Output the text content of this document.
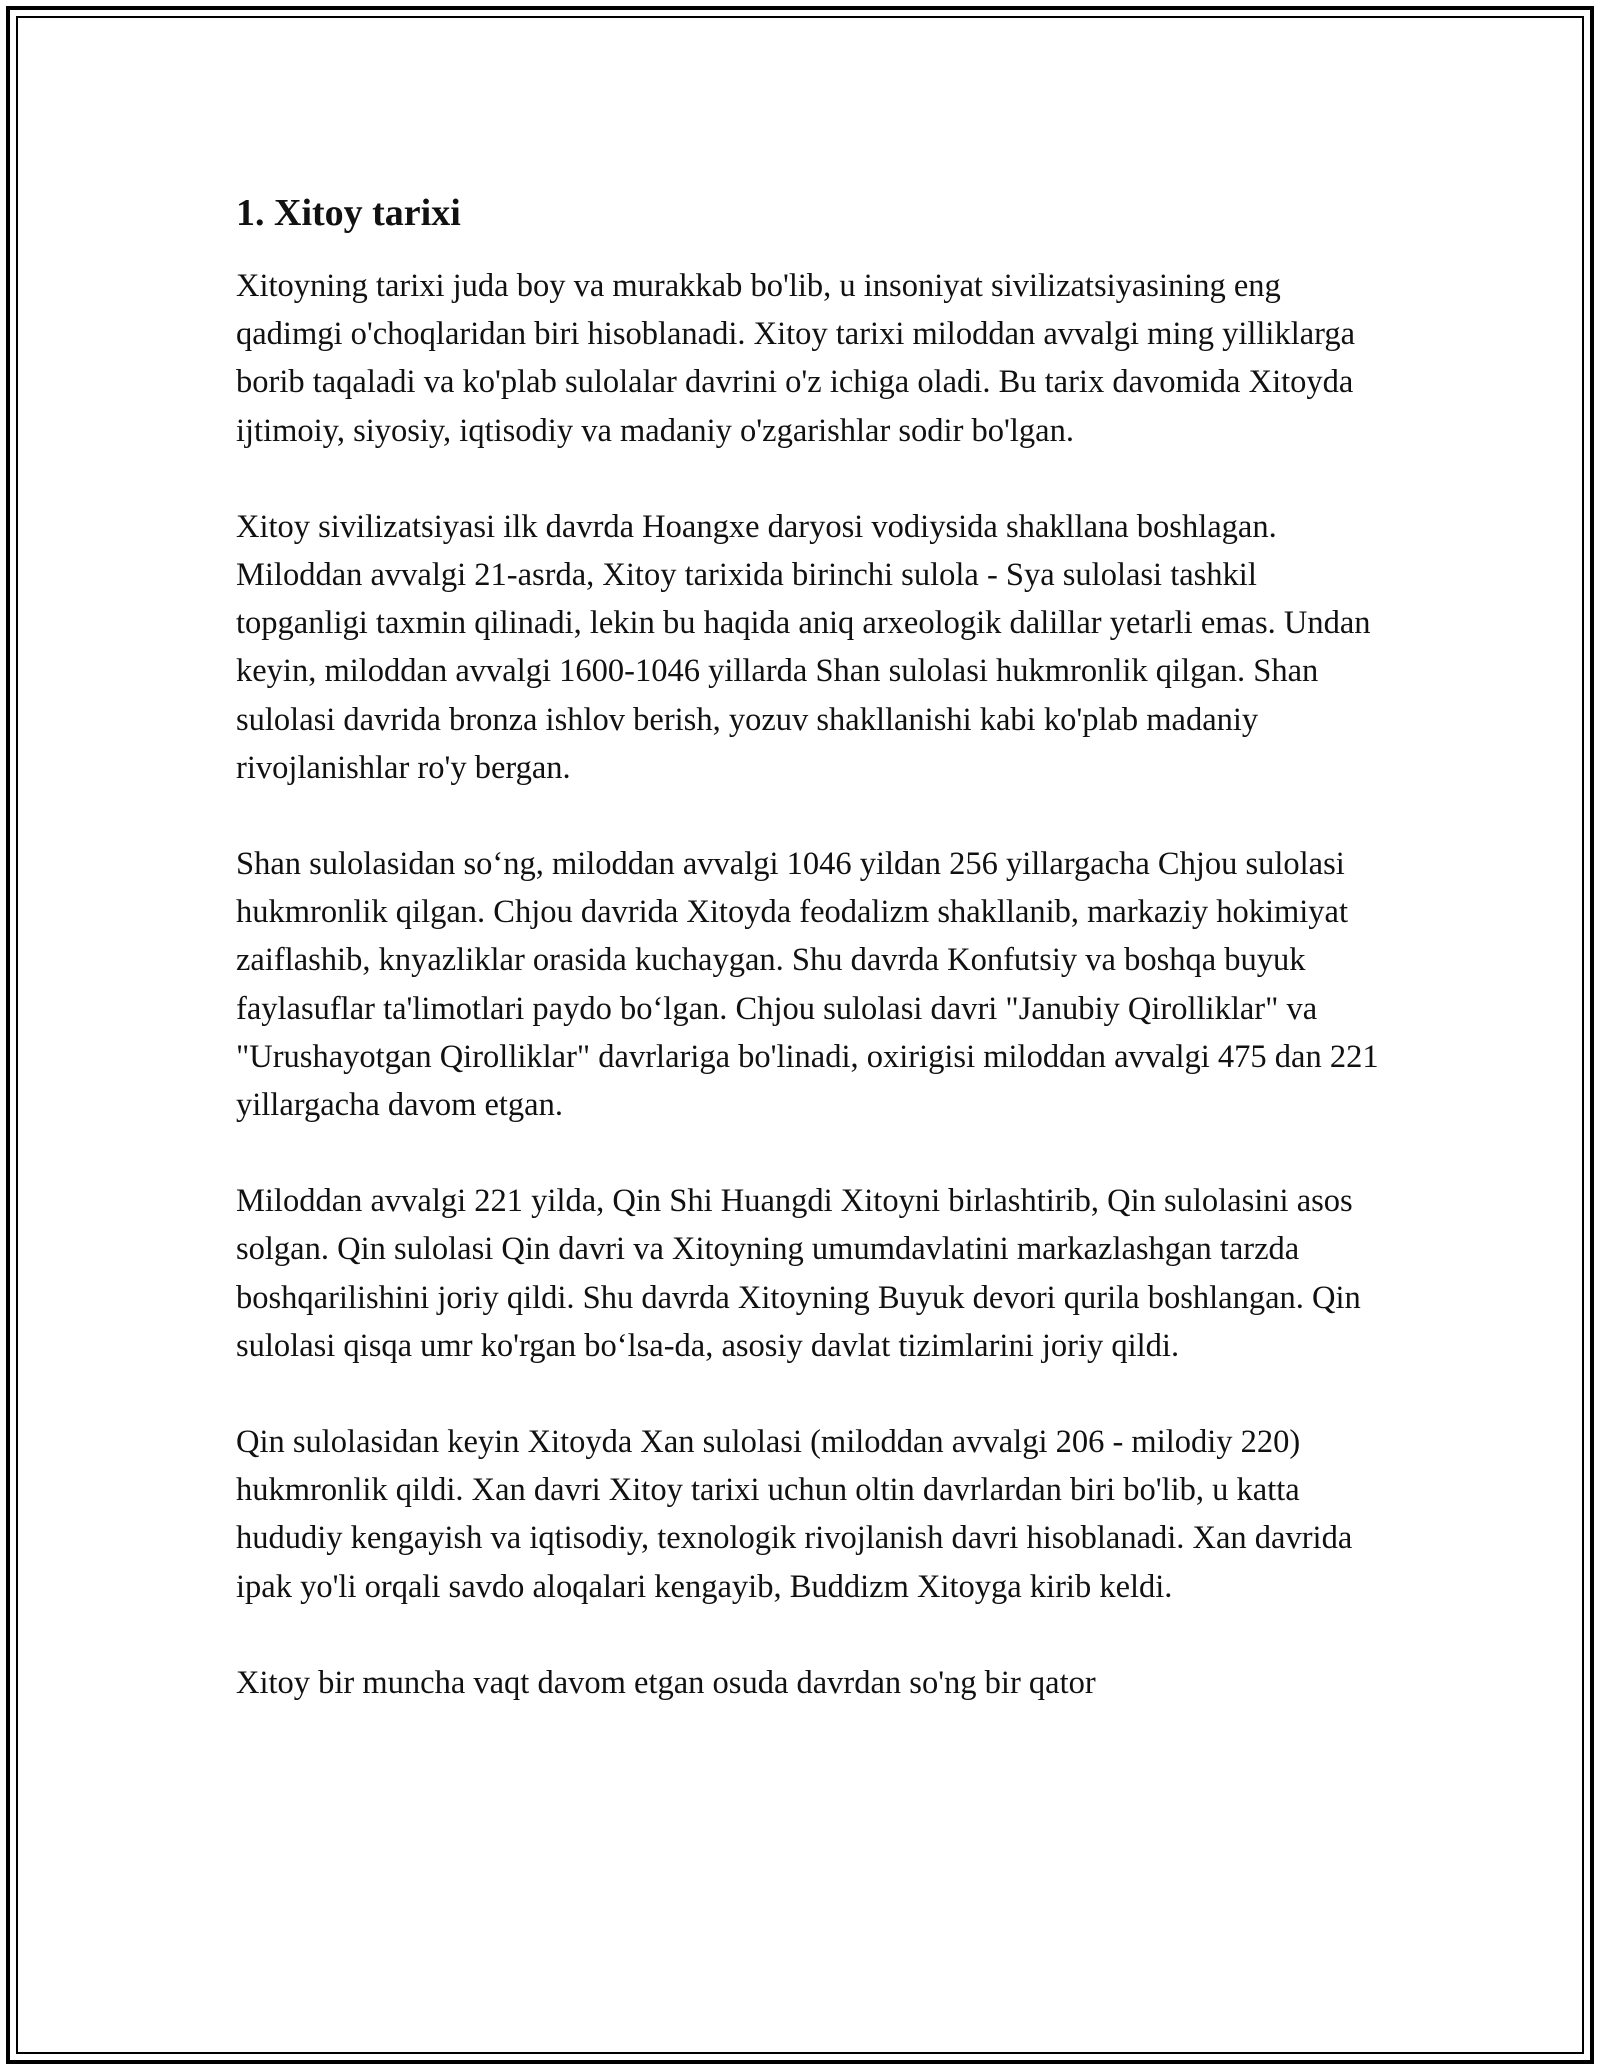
1. Xitoy tarixi

Xitoyning tarixi juda boy va murakkab bo'lib, u insoniyat sivilizatsiyasining eng qadimgi o'choqlaridan biri hisoblanadi. Xitoy tarixi miloddan avvalgi ming yilliklarga borib taqaladi va ko'plab sulolalar davrini o'z ichiga oladi. Bu tarix davomida Xitoyda ijtimoiy, siyosiy, iqtisodiy va madaniy o'zgarishlar sodir bo'lgan.

Xitoy sivilizatsiyasi ilk davrda Hoangxe daryosi vodiysida shakllana boshlagan. Miloddan avvalgi 21-asrda, Xitoy tarixida birinchi sulola - Sya sulolasi tashkil topganligi taxmin qilinadi, lekin bu haqida aniq arxeologik dalillar yetarli emas. Undan keyin, miloddan avvalgi 1600-1046 yillarda Shan sulolasi hukmronlik qilgan. Shan sulolasi davrida bronza ishlov berish, yozuv shakllanishi kabi ko'plab madaniy rivojlanishlar ro'y bergan.

Shan sulolasidan so‘ng, miloddan avvalgi 1046 yildan 256 yillargacha Chjou sulolasi hukmronlik qilgan. Chjou davrida Xitoyda feodalizm shakllanib, markaziy hokimiyat zaiflashib, knyazliklar orasida kuchaygan. Shu davrda Konfutsiy va boshqa buyuk faylasuflar ta'limotlari paydo bo‘lgan. Chjou sulolasi davri "Janubiy Qirolliklar" va "Urushayotgan Qirolliklar" davrlariga bo'linadi, oxirigisi miloddan avvalgi 475 dan 221 yillargacha davom etgan.

Miloddan avvalgi 221 yilda, Qin Shi Huangdi Xitoyni birlashtirib, Qin sulolasini asos solgan. Qin sulolasi Qin davri va Xitoyning umumdavlatini markazlashgan tarzda boshqarilishini joriy qildi. Shu davrda Xitoyning Buyuk devori qurila boshlangan. Qin sulolasi qisqa umr ko'rgan bo‘lsa-da, asosiy davlat tizimlarini joriy qildi.

Qin sulolasidan keyin Xitoyda Xan sulolasi (miloddan avvalgi 206 - milodiy 220) hukmronlik qildi. Xan davri Xitoy tarixi uchun oltin davrlardan biri bo'lib, u katta hududiy kengayish va iqtisodiy, texnologik rivojlanish davri hisoblanadi. Xan davrida ipak yo'li orqali savdo aloqalari kengayib, Buddizm Xitoyga kirib keldi.

Xitoy bir muncha vaqt davom etgan osuda davrdan so'ng bir qator
